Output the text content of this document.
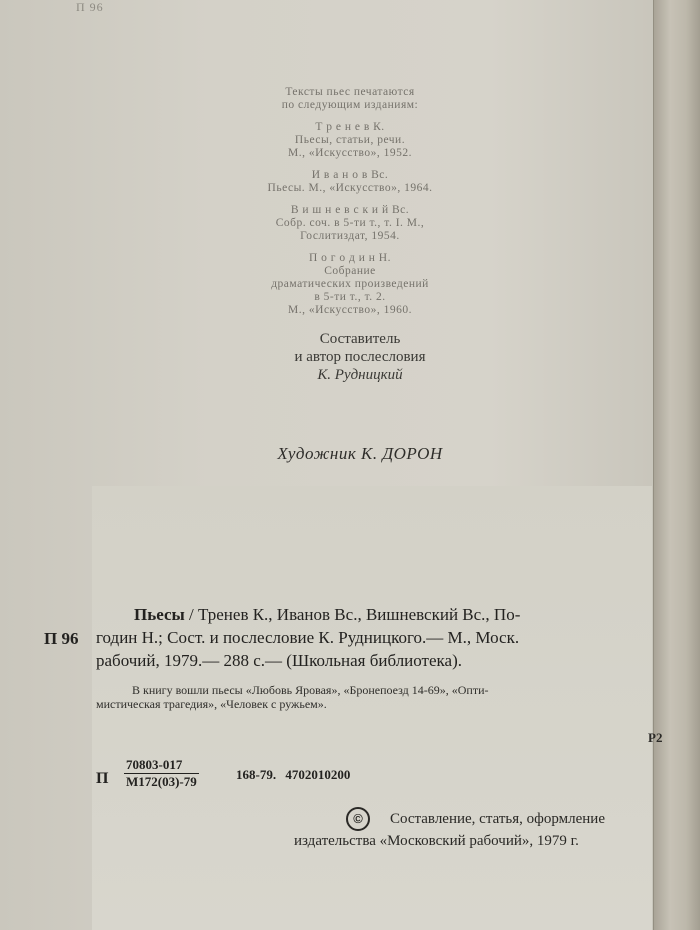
П 96

Тексты пьес печатаются
по следующим изданиям:

Т р е н е в К.
Пьесы, статьи, речи.
М., «Искусство», 1952.

И в а н о в Вс.
Пьесы. М., «Искусство», 1964.

В и ш н е в с к и й Вс.
Собр. соч. в 5-ти т., т. I. М.,
Гослитиздат, 1954.

П о г о д и н Н.
Собрание
драматических произведений
в 5-ти т., т. 2.
М., «Искусство», 1960.

Составитель
и автор послесловия
К. Рудницкий
Художник К. ДОРОН
П 96
Пьесы / Тренев К., Иванов Вс., Вишневский Вс., По-
годин Н.; Сост. и послесловие К. Рудницкого.— М., Моск.
рабочий, 1979.— 288 с.— (Школьная библиотека).
В книгу вошли пьесы «Любовь Яровая», «Бронепоезд 14-69», «Опти-
мистическая трагедия», «Человек с ружьем».
Р2
П
70803-017
М172(03)-79	168-79. 4702010200
©	Составление, статья, оформление
издательства «Московский рабочий», 1979 г.
